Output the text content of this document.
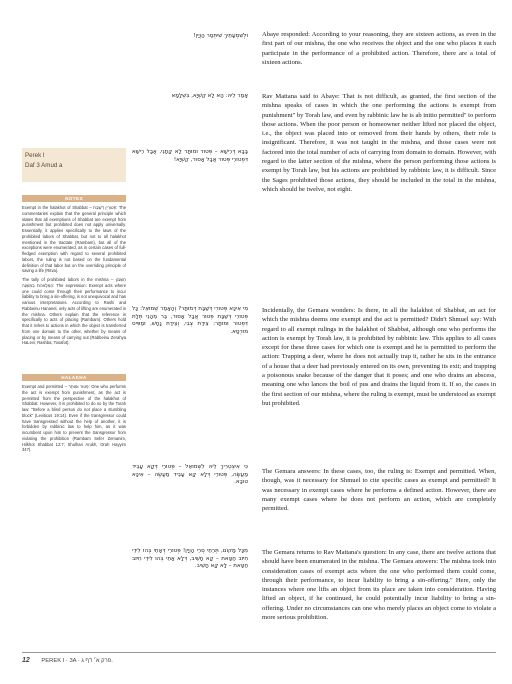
וּלְשִׁמְעָתֵיךְ שִׁיתְּסַר הָוְיָין!

אָמַר לֵיהּ: הָא לָא קַשְׁיָא, בִּשְׁלָמָא

Abaye responded: According to your reasoning, they are sixteen actions, as even in the first part of our mishna, the one who receives the object and the one who places it each participate in the performance of a prohibited action. Therefore, there are a total of sixteen actions.

Rav Mattana said to Abaye: That is not difficult, as granted, the first section of the mishna speaks of cases in which the one performing the actions is exempt from punishment" by Torah law, and even by rabbinic law he is ab initio permitted" to perform those actions. When the poor person or homeowner neither lifted nor placed the object, i.e., the object was placed into or removed from their hands by others, their role is insignificant. Therefore, it was not taught in the mishna, and those cases were not factored into the total number of acts of carrying from domain to domain. However, with regard to the latter section of the mishna, where the person performing those actions is exempt by Torah law, but his actions are prohibited by rabbinic law, it is difficult. Since the Sages prohibited those actions, they should be included in the total in the mishna, which should be twelve, not eight.

Perek I
Daf 3 Amud a
NOTES

Exempt in the halakhot of Shabbat – פְּטוּרִין דְּשַׁבָּת: The commentaries explain that the general principle which states that all exemptions of Shabbat are exempt from punishment but prohibited does not apply universally. Essentially, it applies specifically to the laws of the prohibited labors of Shabbat, but not to all halakhot mentioned in the tractate (Rambam), but all of the exceptions were enumerated, as in certain cases of full-fledged exemption with regard to several prohibited labors, the ruling is not based on the fundamental definition of that labor but on the overriding principle of saving a life (Ritva).

The tally of prohibited labors in the mishna – חֶשְׁבּוֹן הַמְּלָאכוֹת בַּמִּשְׁנָה: The expression: Exempt acts where one could come through their performance to incur liability to bring a sin-offering, is not unequivocal and has various interpretations. According to Rashi and Rabbeinu Hananel, only acts of lifting are enumerated in the mishna. Others explain that the reference is specifically to acts of placing (Rambam). Others hold that it refers to actions in which the object is transferred from one domain to the other, whether by means of placing or by means of carrying out (Rabbeinu Zerahya HaLevi; Rashba; Tosafot).

HALAKHA

Exempt and permitted – פָּטוּר וּמוּתָּר: One who performs the act is exempt from punishment, as the act is permitted from the perspective of the halakhot of Shabbat. However, it is prohibited to do so by the Torah law: "Before a blind person do not place a stumbling block" (Leviticus 19:14). Even if the transgressor could have transgressed without the help of another, it is forbidden by rabbinic law to help him, as it was incumbent upon him to prevent the transgressor from violating the prohibition (Rambam Sefer Zemanim, Hilkhot Shabbat 12:7; Shulhan Arukh, Orah Hayyim 347).

בָּבָא דְּרֵישָׁא – פְּטוּר וּמוּתָּר לָא קָתָנֵי, אֲבָל רֵישָׁא דִּפְטוּרֵי פְּטוּר אֲבָל אָסוּר, קַשְׁיָא!

מִי אִיכָּא פְּטוּרִי דְּשַׁבָּת דְּמוּתָּר? וְהָאָמַר שְׁמוּאֵל: כָּל פְּטוּרֵי דְּשַׁבָּת פְּטוּר אֲבָל אָסוּר, בַּר מֵהָנֵי תְּלָת דִּפְטוּר וּמוּתָּר: צֵידַת צְבִי, וְצֵידַת נָחָשׁ, וּמַפִּיס מוּרְסָא.

כִּי אִיצְטְרִיךְ לֵיהּ לִשְׁמוּאֵל – פְּטוּרֵי דְּקָא עָבֵיד מַעֲשֶׂה, פְּטוּרֵי דְּלָא קָא עָבֵיד מַעֲשֶׂה – אִיכָּא טוּבָא.

מִכָּל מָקוֹם, תְּרֵתֵי סְרֵי הָוְיָין! פְּטוּרֵי דְּאָתֵי בְּהוּ לִידֵי חִיּוּב חַטָּאת – קָא חָשֵׁיב, דְּלָא אָתֵי בְּהוּ לִידֵי חִיּוּב חַטָּאת – לָא קָא חָשֵׁיב.

Incidentally, the Gemara wonders: Is there, in all the halakhot of Shabbat, an act for which the mishna deems one exempt and the act is permitted? Didn't Shmuel say: With regard to all exempt rulings in the halakhot of Shabbat, although one who performs the action is exempt by Torah law, it is prohibited by rabbinic law. This applies to all cases except for these three cases for which one is exempt and he is permitted to perform the action: Trapping a deer, where he does not actually trap it, rather he sits in the entrance of a house that a deer had previously entered on its own, preventing its exit; and trapping a poisonous snake because of the danger that it poses; and one who drains an abscess, meaning one who lances the boil of pus and drains the liquid from it. If so, the cases in the first section of our mishna, where the ruling is exempt, must be understood as exempt but prohibited.

The Gemara answers: In these cases, too, the ruling is: Exempt and permitted. When, though, was it necessary for Shmuel to cite specific cases as exempt and permitted? It was necessary in exempt cases where he performs a defined action. However, there are many exempt cases where he does not perform an action, which are completely permitted.

The Gemara returns to Rav Mattana's question: In any case, there are twelve actions that should have been enumerated in the mishna. The Gemara answers: The mishna took into consideration cases of exempt acts where the one who performed them could come, through their performance, to incur liability to bring a sin-offering." Here, only the instances where one lifts an object from its place are taken into consideration. Having lifted an object, if he continued, he could potentially incur liability to bring a sin-offering. Under no circumstances can one who merely places an object come to violate a more serious prohibition.

12 PEREK I · 3A · פרק א׳ דף ג.
